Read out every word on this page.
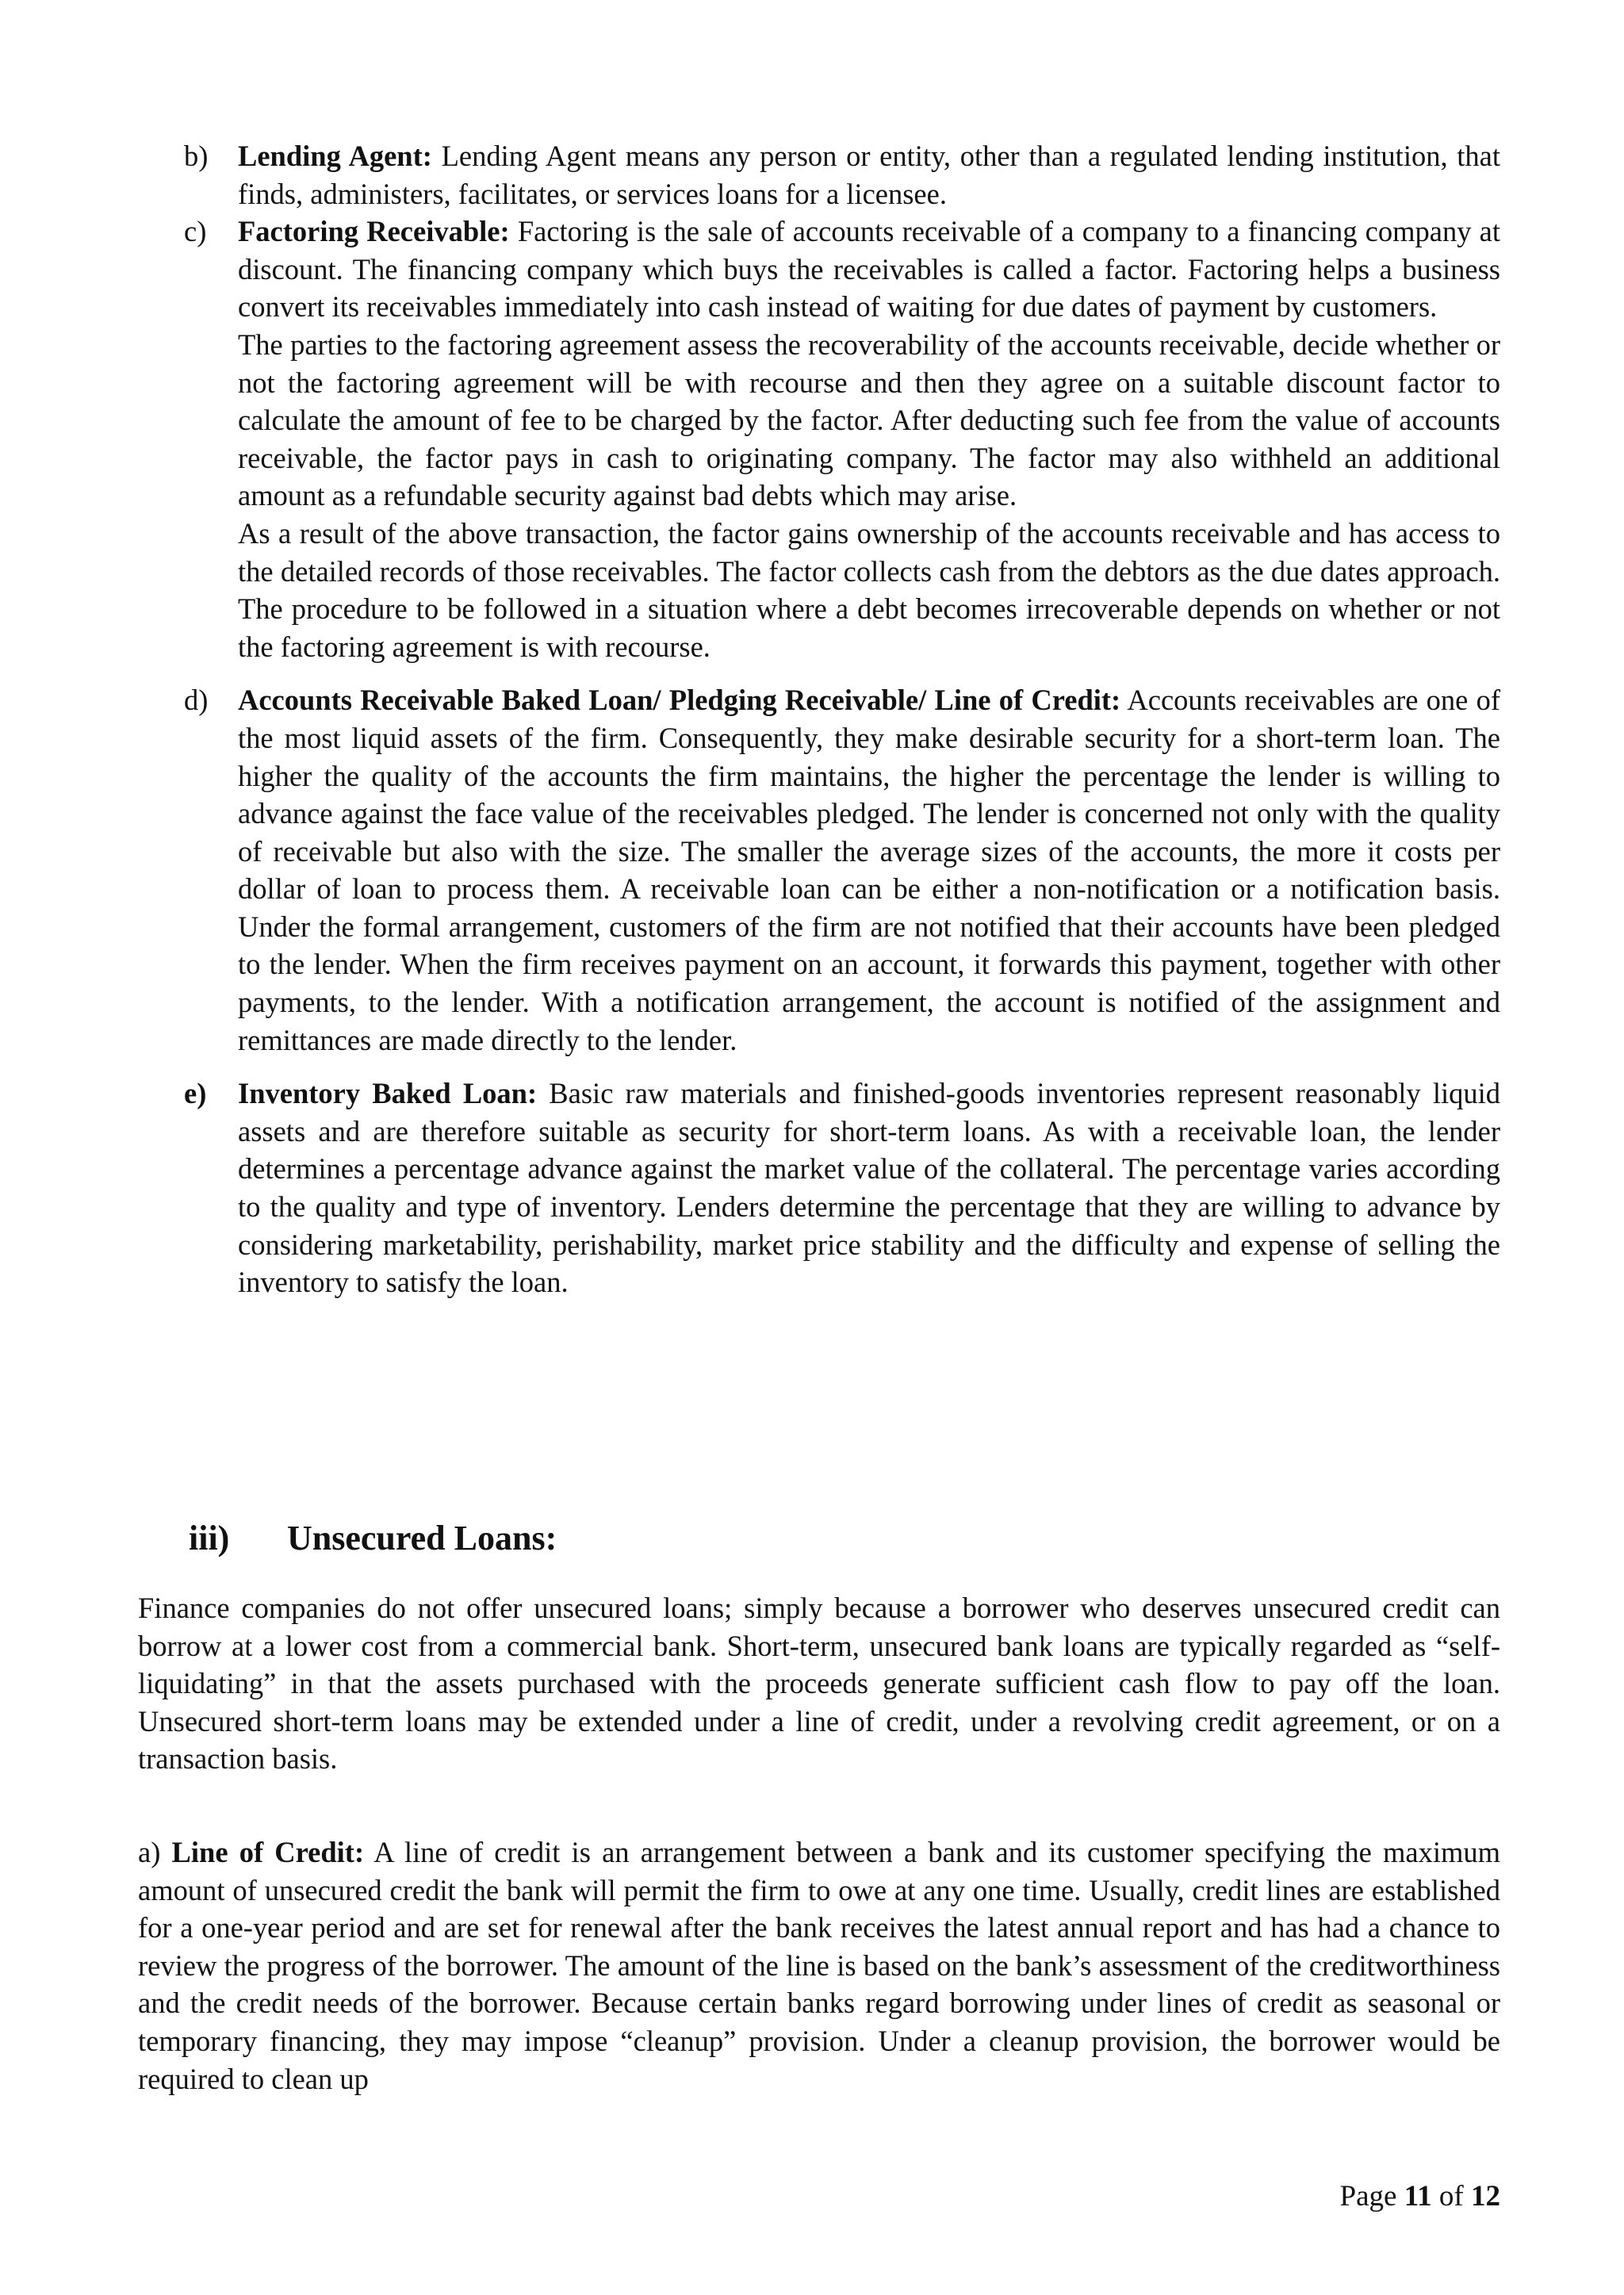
b) Lending Agent: Lending Agent means any person or entity, other than a regulated lending institution, that finds, administers, facilitates, or services loans for a licensee.

c) Factoring Receivable: Factoring is the sale of accounts receivable of a company to a financing company at discount. The financing company which buys the receivables is called a factor. Factoring helps a business convert its receivables immediately into cash instead of waiting for due dates of payment by customers.

The parties to the factoring agreement assess the recoverability of the accounts receivable, decide whether or not the factoring agreement will be with recourse and then they agree on a suitable discount factor to calculate the amount of fee to be charged by the factor. After deducting such fee from the value of accounts receivable, the factor pays in cash to originating company. The factor may also withheld an additional amount as a refundable security against bad debts which may arise.

As a result of the above transaction, the factor gains ownership of the accounts receivable and has access to the detailed records of those receivables. The factor collects cash from the debtors as the due dates approach. The procedure to be followed in a situation where a debt becomes irrecoverable depends on whether or not the factoring agreement is with recourse.

d) Accounts Receivable Baked Loan/ Pledging Receivable/ Line of Credit: Accounts receivables are one of the most liquid assets of the firm. Consequently, they make desirable security for a short-term loan. The higher the quality of the accounts the firm maintains, the higher the percentage the lender is willing to advance against the face value of the receivables pledged. The lender is concerned not only with the quality of receivable but also with the size. The smaller the average sizes of the accounts, the more it costs per dollar of loan to process them. A receivable loan can be either a non-notification or a notification basis. Under the formal arrangement, customers of the firm are not notified that their accounts have been pledged to the lender. When the firm receives payment on an account, it forwards this payment, together with other payments, to the lender. With a notification arrangement, the account is notified of the assignment and remittances are made directly to the lender.

e) Inventory Baked Loan: Basic raw materials and finished-goods inventories represent reasonably liquid assets and are therefore suitable as security for short-term loans. As with a receivable loan, the lender determines a percentage advance against the market value of the collateral. The percentage varies according to the quality and type of inventory. Lenders determine the percentage that they are willing to advance by considering marketability, perishability, market price stability and the difficulty and expense of selling the inventory to satisfy the loan.

iii) Unsecured Loans:

Finance companies do not offer unsecured loans; simply because a borrower who deserves unsecured credit can borrow at a lower cost from a commercial bank. Short-term, unsecured bank loans are typically regarded as “self-liquidating” in that the assets purchased with the proceeds generate sufficient cash flow to pay off the loan. Unsecured short-term loans may be extended under a line of credit, under a revolving credit agreement, or on a transaction basis.

a) Line of Credit: A line of credit is an arrangement between a bank and its customer specifying the maximum amount of unsecured credit the bank will permit the firm to owe at any one time. Usually, credit lines are established for a one-year period and are set for renewal after the bank receives the latest annual report and has had a chance to review the progress of the borrower. The amount of the line is based on the bank’s assessment of the creditworthiness and the credit needs of the borrower. Because certain banks regard borrowing under lines of credit as seasonal or temporary financing, they may impose “cleanup” provision. Under a cleanup provision, the borrower would be required to clean up

Page 11 of 12
